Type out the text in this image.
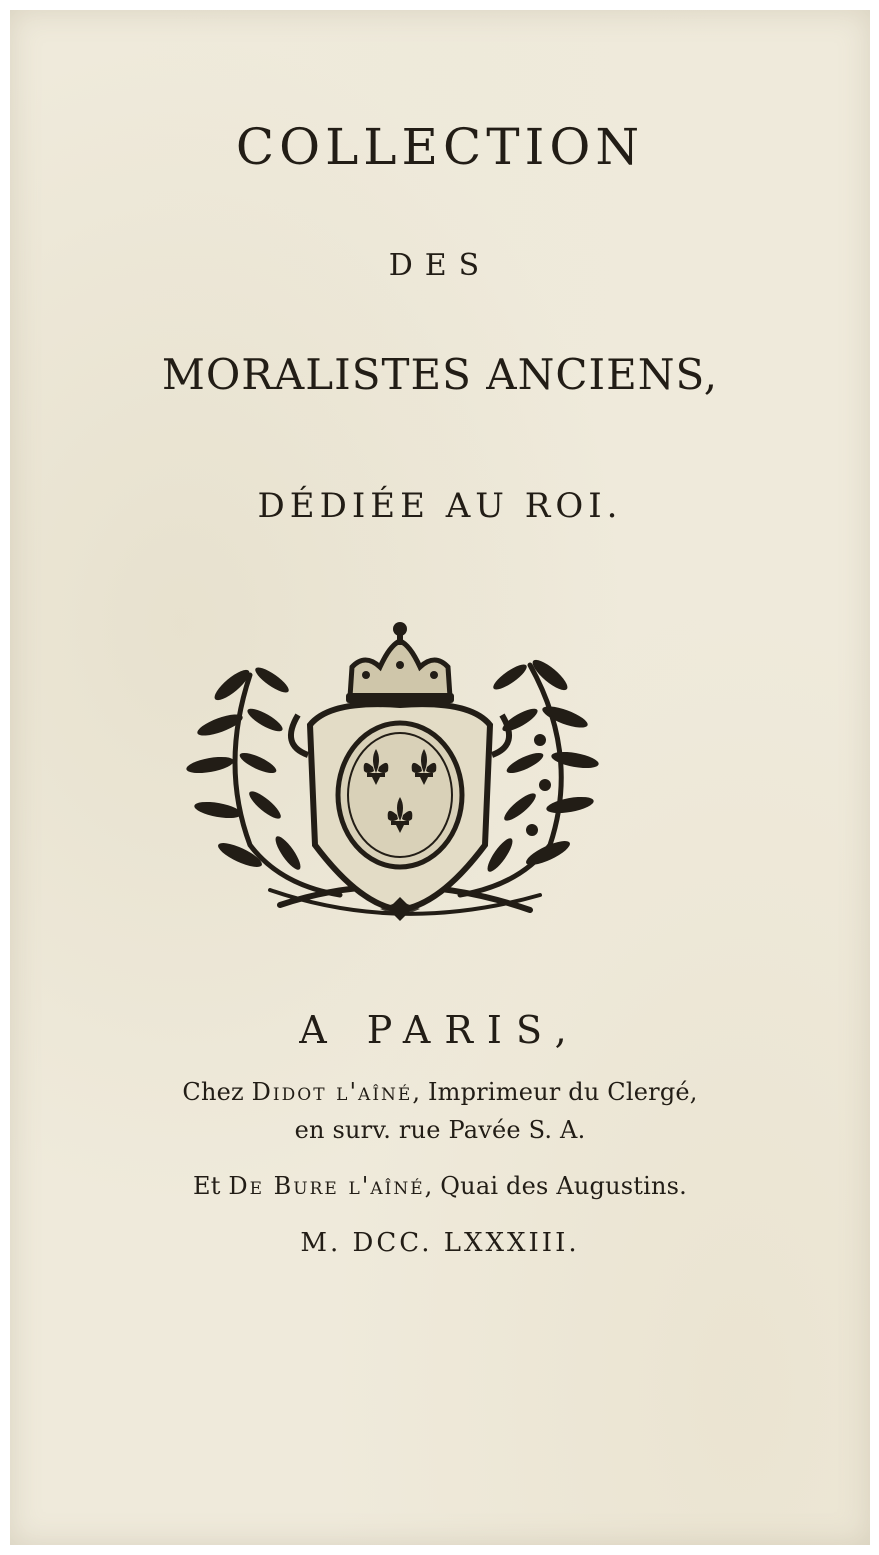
COLLECTION
DES
MORALISTES ANCIENS,
DÉDIÉE AU ROI.
A PARIS,
Chez Didot l'aîné, Imprimeur du Clergé,
en surv. rue Pavée S. A.
Et De Bure l'aîné, Quai des Augustins.
M. DCC. LXXXIII.
